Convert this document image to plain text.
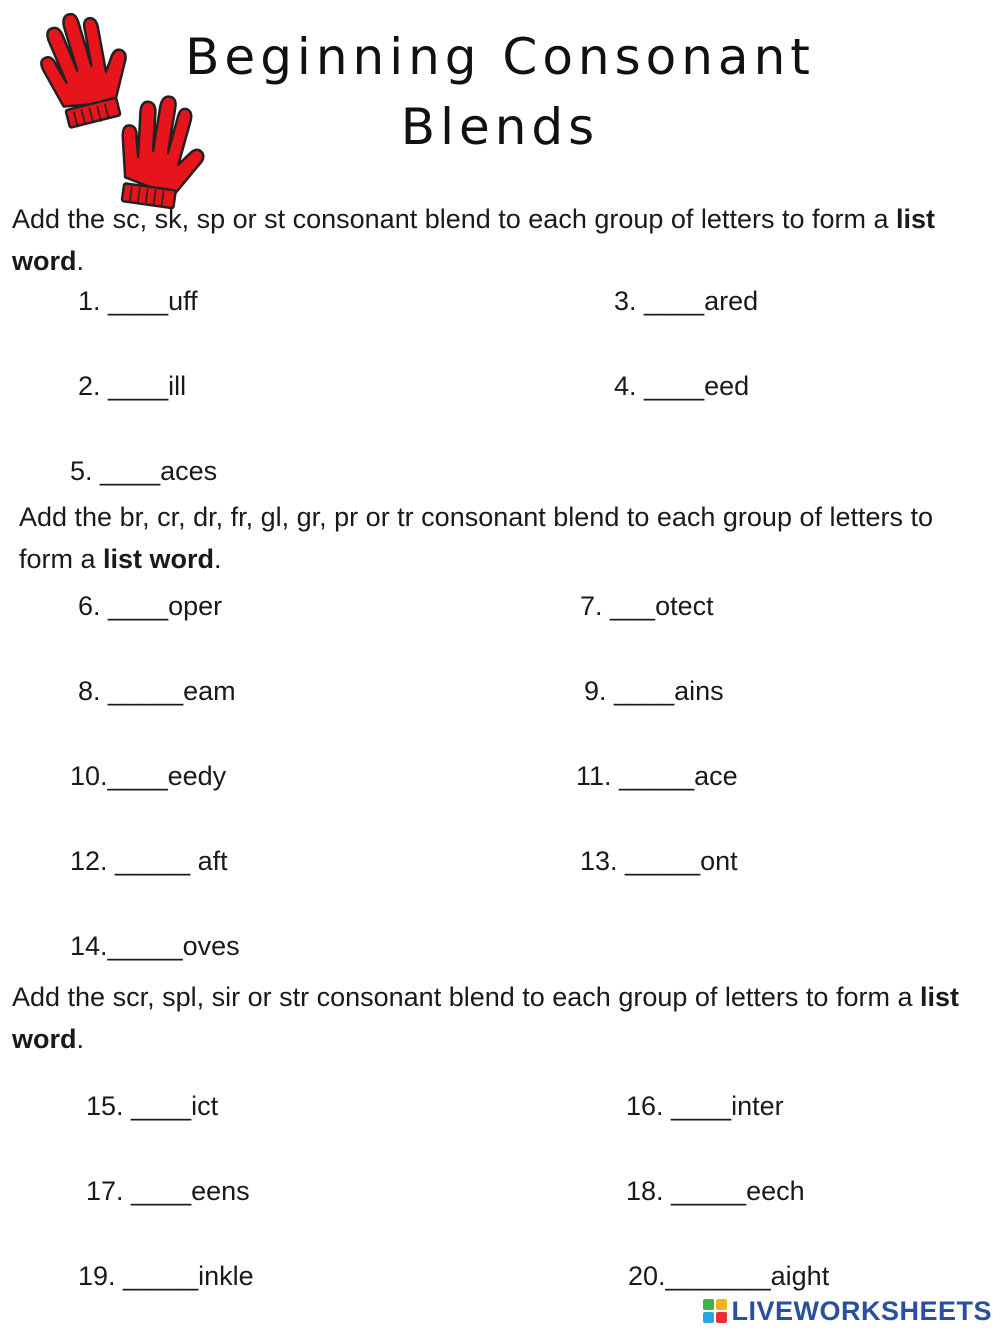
Beginning Consonant
Blends

Add the sc, sk, sp or st consonant blend to each group of letters to form a list word.

1. ____uff	3. ____ared
2. ____ill	4. ____eed
5. ____aces

Add the br, cr, dr, fr, gl, gr, pr or tr consonant blend to each group of letters to form a list word.

6. ____oper	7. ___otect
8. _____eam	9. ____ains
10.____eedy	11. _____ace
12. _____ aft	13. _____ont
14._____oves

Add the scr, spl, sir or str consonant blend to each group of letters to form a list word.

15. ____ict	16. ____inter
17. ____eens	18. _____eech
19. _____inkle	20._______aight
LIVEWORKSHEETS
